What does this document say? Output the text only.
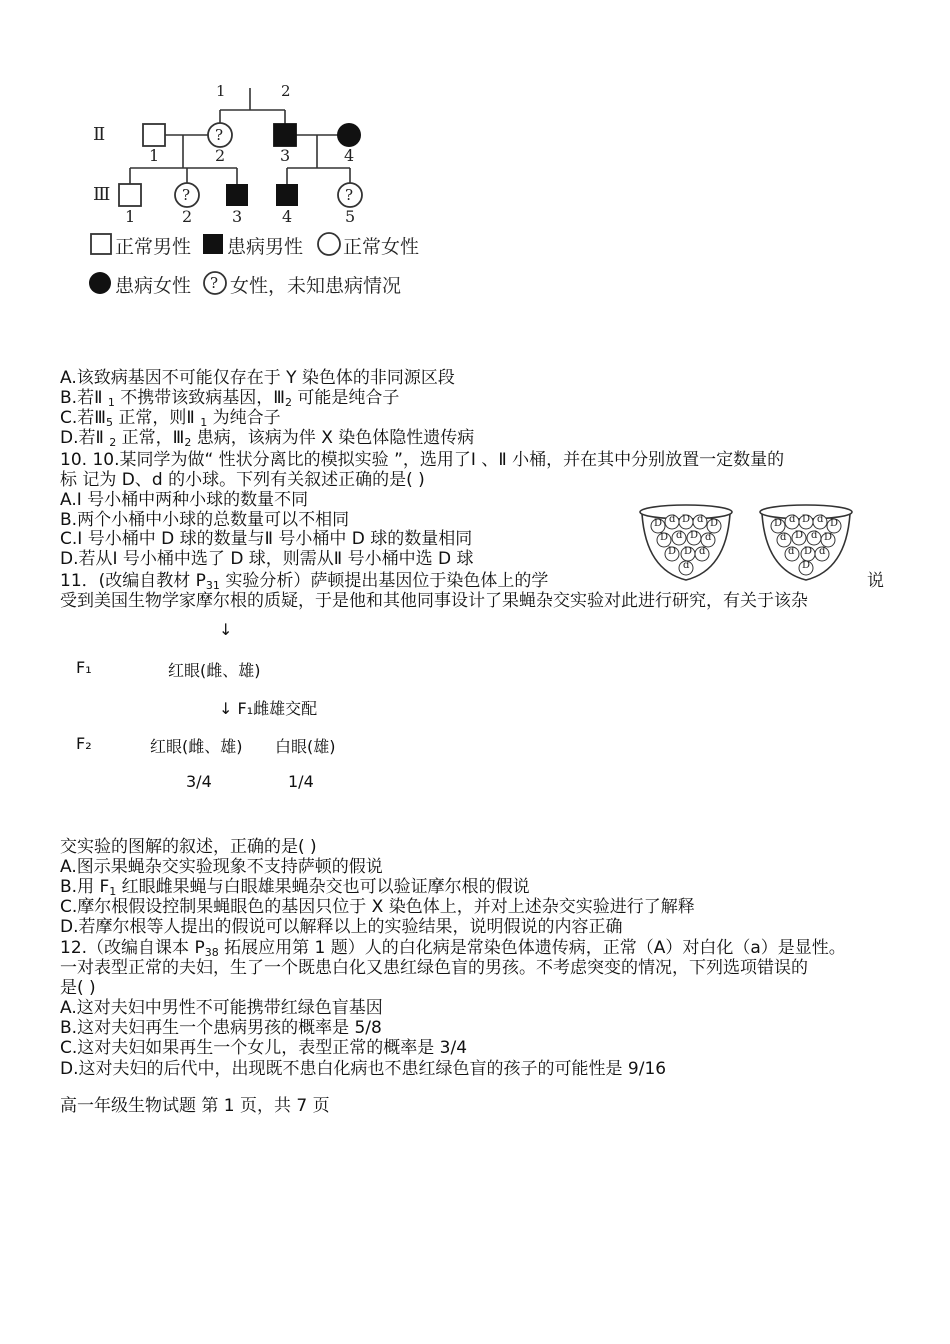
1	2
Ⅱ
Ⅲ
?
?	?
?
1	2	3	4
1	2 3 4	5
正常男性 患病男性 正常女性
患病女性 女性，未知患病情况
A.该致病基因不可能仅存在于 Y 染色体的非同源区段
B.若Ⅱ $_1$ 不携带该致病基因，$Ⅲ_2$ 可能是纯合子
C.若$Ⅲ_5$ 正常，则Ⅱ $_1$ 为纯合子
D.若Ⅱ $_2$ 正常，$Ⅲ_2$ 患病，该病为伴 X 染色体隐性遗传病
10. 10.某同学为做“ 性状分离比的模拟实验 ”，选用了Ⅰ 、Ⅱ 小桶，并在其中分别放置一定数量的
标 记为 D、d 的小球。下列有关叙述正确的是( )
A.Ⅰ 号小桶中两种小球的数量不同
B.两个小桶中小球的总数量可以不相同
C.Ⅰ 号小桶中 D 球的数量与Ⅱ 号小桶中 D 球的数量相同
D.若从Ⅰ 号小桶中选了 D 球，则需从Ⅱ 号小桶中选 D 球
D d D d D
D d D d
D D d
d
D d D d D
d D d D
d D d
D
11．(改编自教材 $P_{31}$ 实验分析）萨顿提出基因位于染色体上的学	说
受到美国生物学家摩尔根的质疑，于是他和其他同事设计了果蝇杂交实验对此进行研究，有关于该杂
↓
F₁	红眼(雌、雄)
↓ F₁雌雄交配
F₂	红眼(雌、雄) 白眼(雄)
3/4	1/4
交实验的图解的叙述，正确的是( )
A.图示果蝇杂交实验现象不支持萨顿的假说
B.用 $F_1$ 红眼雌果蝇与白眼雄果蝇杂交也可以验证摩尔根的假说
C.摩尔根假设控制果蝇眼色的基因只位于 X 染色体上，并对上述杂交实验进行了解释
D.若摩尔根等人提出的假说可以解释以上的实验结果，说明假说的内容正确
12.（改编自课本 $P_{38}$ 拓展应用第 1 题）人的白化病是常染色体遗传病，正常（A）对白化（a）是显性。
一对表型正常的夫妇，生了一个既患白化又患红绿色盲的男孩。不考虑突变的情况，下列选项错误的
是( )
A.这对夫妇中男性不可能携带红绿色盲基因
B.这对夫妇再生一个患病男孩的概率是 5/8
C.这对夫妇如果再生一个女儿，表型正常的概率是 3/4
D.这对夫妇的后代中，出现既不患白化病也不患红绿色盲的孩子的可能性是 9/16
高一年级生物试题 第 1 页，共 7 页
